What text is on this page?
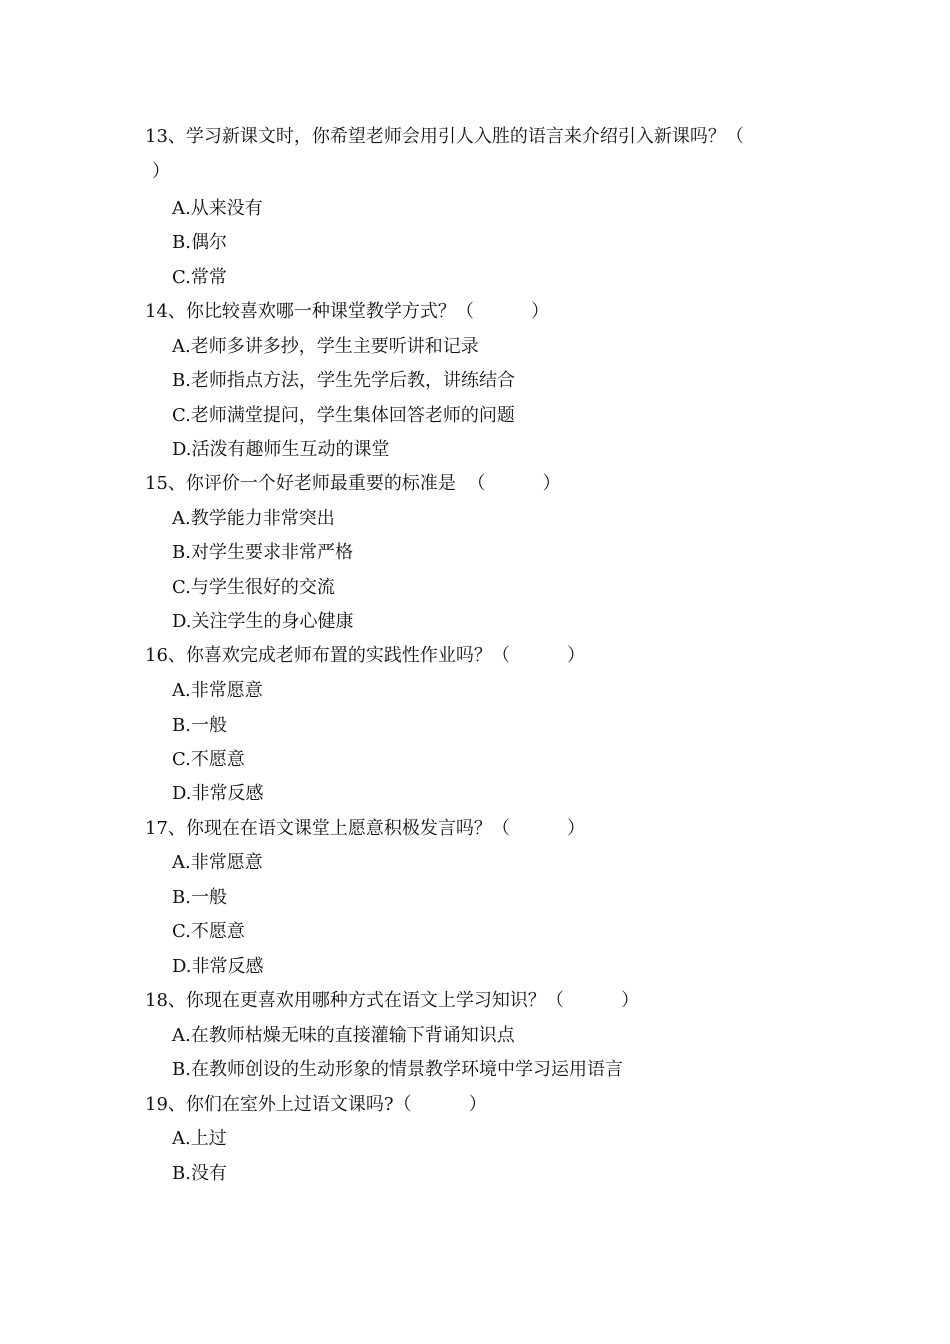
13、学习新课文时，你希望老师会用引人入胜的语言来介绍引入新课吗？（
）
A.从来没有
B.偶尔
C.常常
14、你比较喜欢哪一种课堂教学方式？（          ）
A.老师多讲多抄，学生主要听讲和记录
B.老师指点方法，学生先学后教，讲练结合
C.老师满堂提问，学生集体回答老师的问题
D.活泼有趣师生互动的课堂
15、你评价一个好老师最重要的标准是  （          ）
A.教学能力非常突出
B.对学生要求非常严格
C.与学生很好的交流
D.关注学生的身心健康
16、你喜欢完成老师布置的实践性作业吗？（          ）
A.非常愿意
B.一般
C.不愿意
D.非常反感
17、你现在在语文课堂上愿意积极发言吗？（          ）
A.非常愿意
B.一般
C.不愿意
D.非常反感
18、你现在更喜欢用哪种方式在语文上学习知识？（          ）
A.在教师枯燥无味的直接灌输下背诵知识点
B.在教师创设的生动形象的情景教学环境中学习运用语言
19、你们在室外上过语文课吗?（          ）
A.上过
B.没有
